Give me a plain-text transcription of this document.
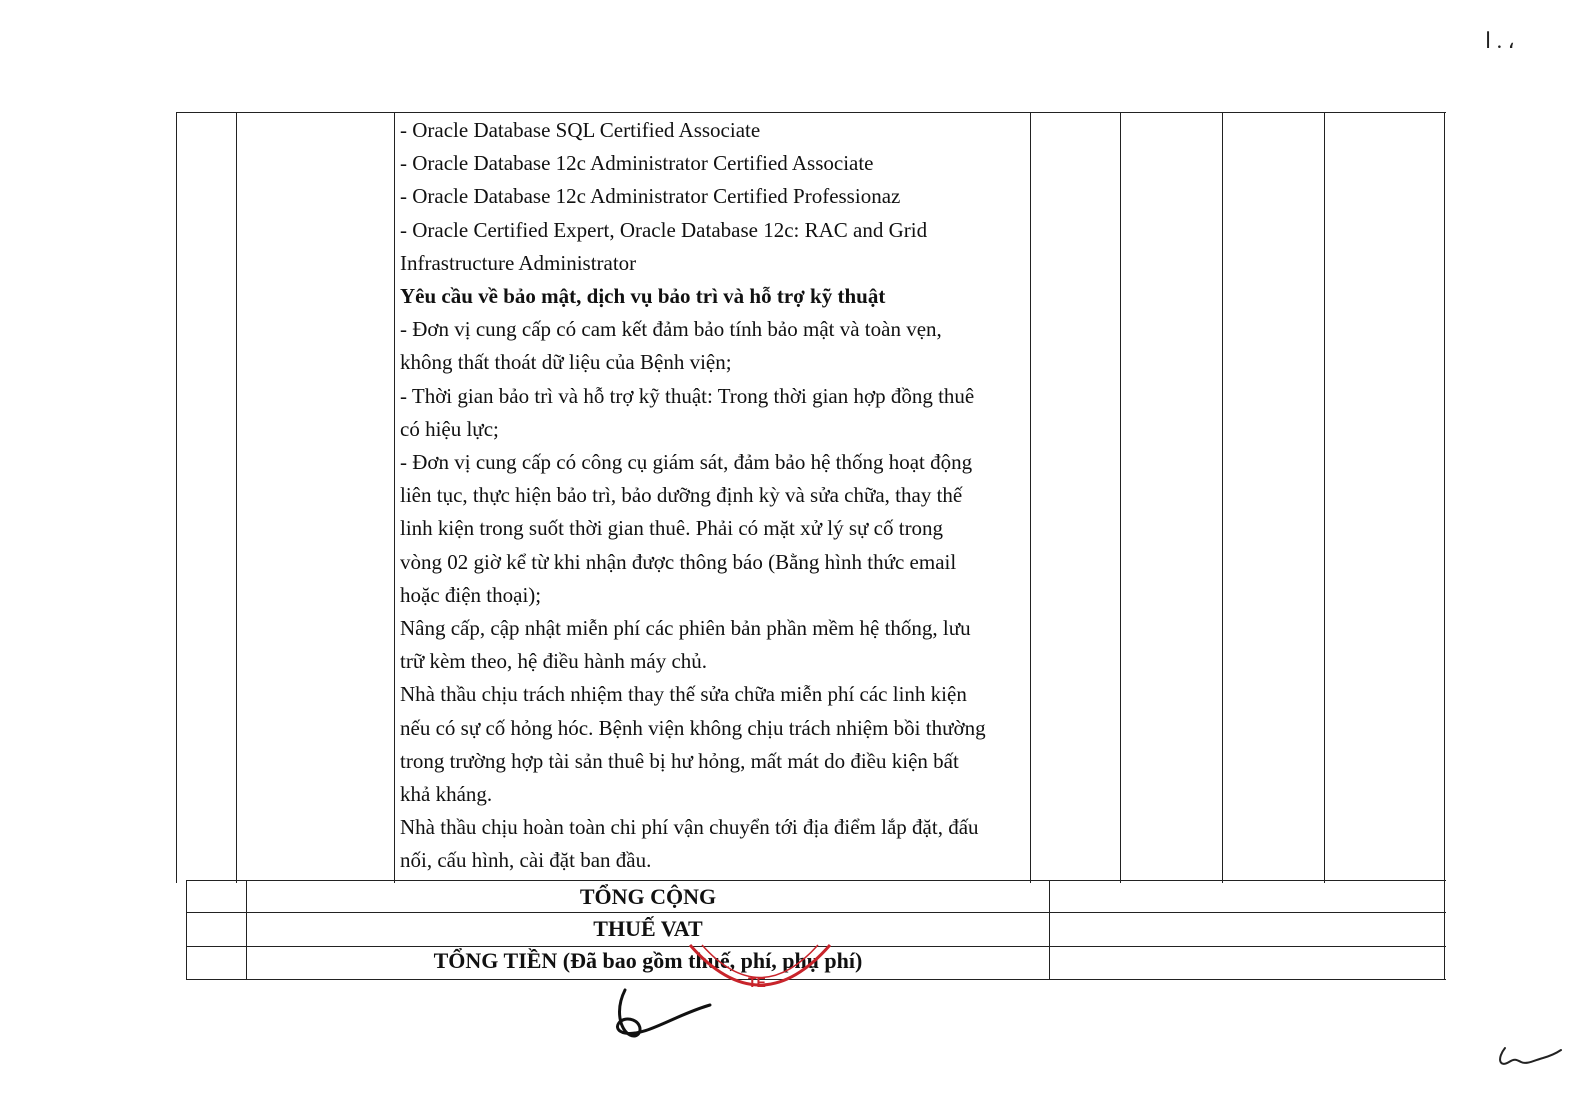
ا . ،

- Oracle Database SQL Certified Associate

- Oracle Database 12c Administrator Certified Associate

- Oracle Database 12c Administrator Certified Professionaz

- Oracle Certified Expert, Oracle Database 12c: RAC and Grid

Infrastructure Administrator

Yêu cầu về bảo mật, dịch vụ bảo trì và hỗ trợ kỹ thuật

- Đơn vị cung cấp có cam kết đảm bảo tính bảo mật và toàn vẹn,

không thất thoát dữ liệu của Bệnh viện;

- Thời gian bảo trì và hỗ trợ kỹ thuật: Trong thời gian hợp đồng thuê

có hiệu lực;

- Đơn vị cung cấp có công cụ giám sát, đảm bảo hệ thống hoạt động

liên tục, thực hiện bảo trì, bảo dưỡng định kỳ và sửa chữa, thay thế

linh kiện trong suốt thời gian thuê. Phải có mặt xử lý sự cố trong

vòng 02 giờ kể từ khi nhận được thông báo (Bằng hình thức email

hoặc điện thoại);

Nâng cấp, cập nhật miễn phí các phiên bản phần mềm hệ thống, lưu

trữ kèm theo, hệ điều hành máy chủ.

Nhà thầu chịu trách nhiệm thay thế sửa chữa miễn phí các linh kiện

nếu có sự cố hỏng hóc. Bệnh viện không chịu trách nhiệm bồi thường

trong trường hợp tài sản thuê bị hư hỏng, mất mát do điều kiện bất

khả kháng.

Nhà thầu chịu hoàn toàn chi phí vận chuyển tới địa điểm lắp đặt, đấu

nối, cấu hình, cài đặt ban đầu.

TỔNG CỘNG
THUẾ VAT
TỔNG TIỀN (Đã bao gồm thuế, phí, phụ phí)
TE
